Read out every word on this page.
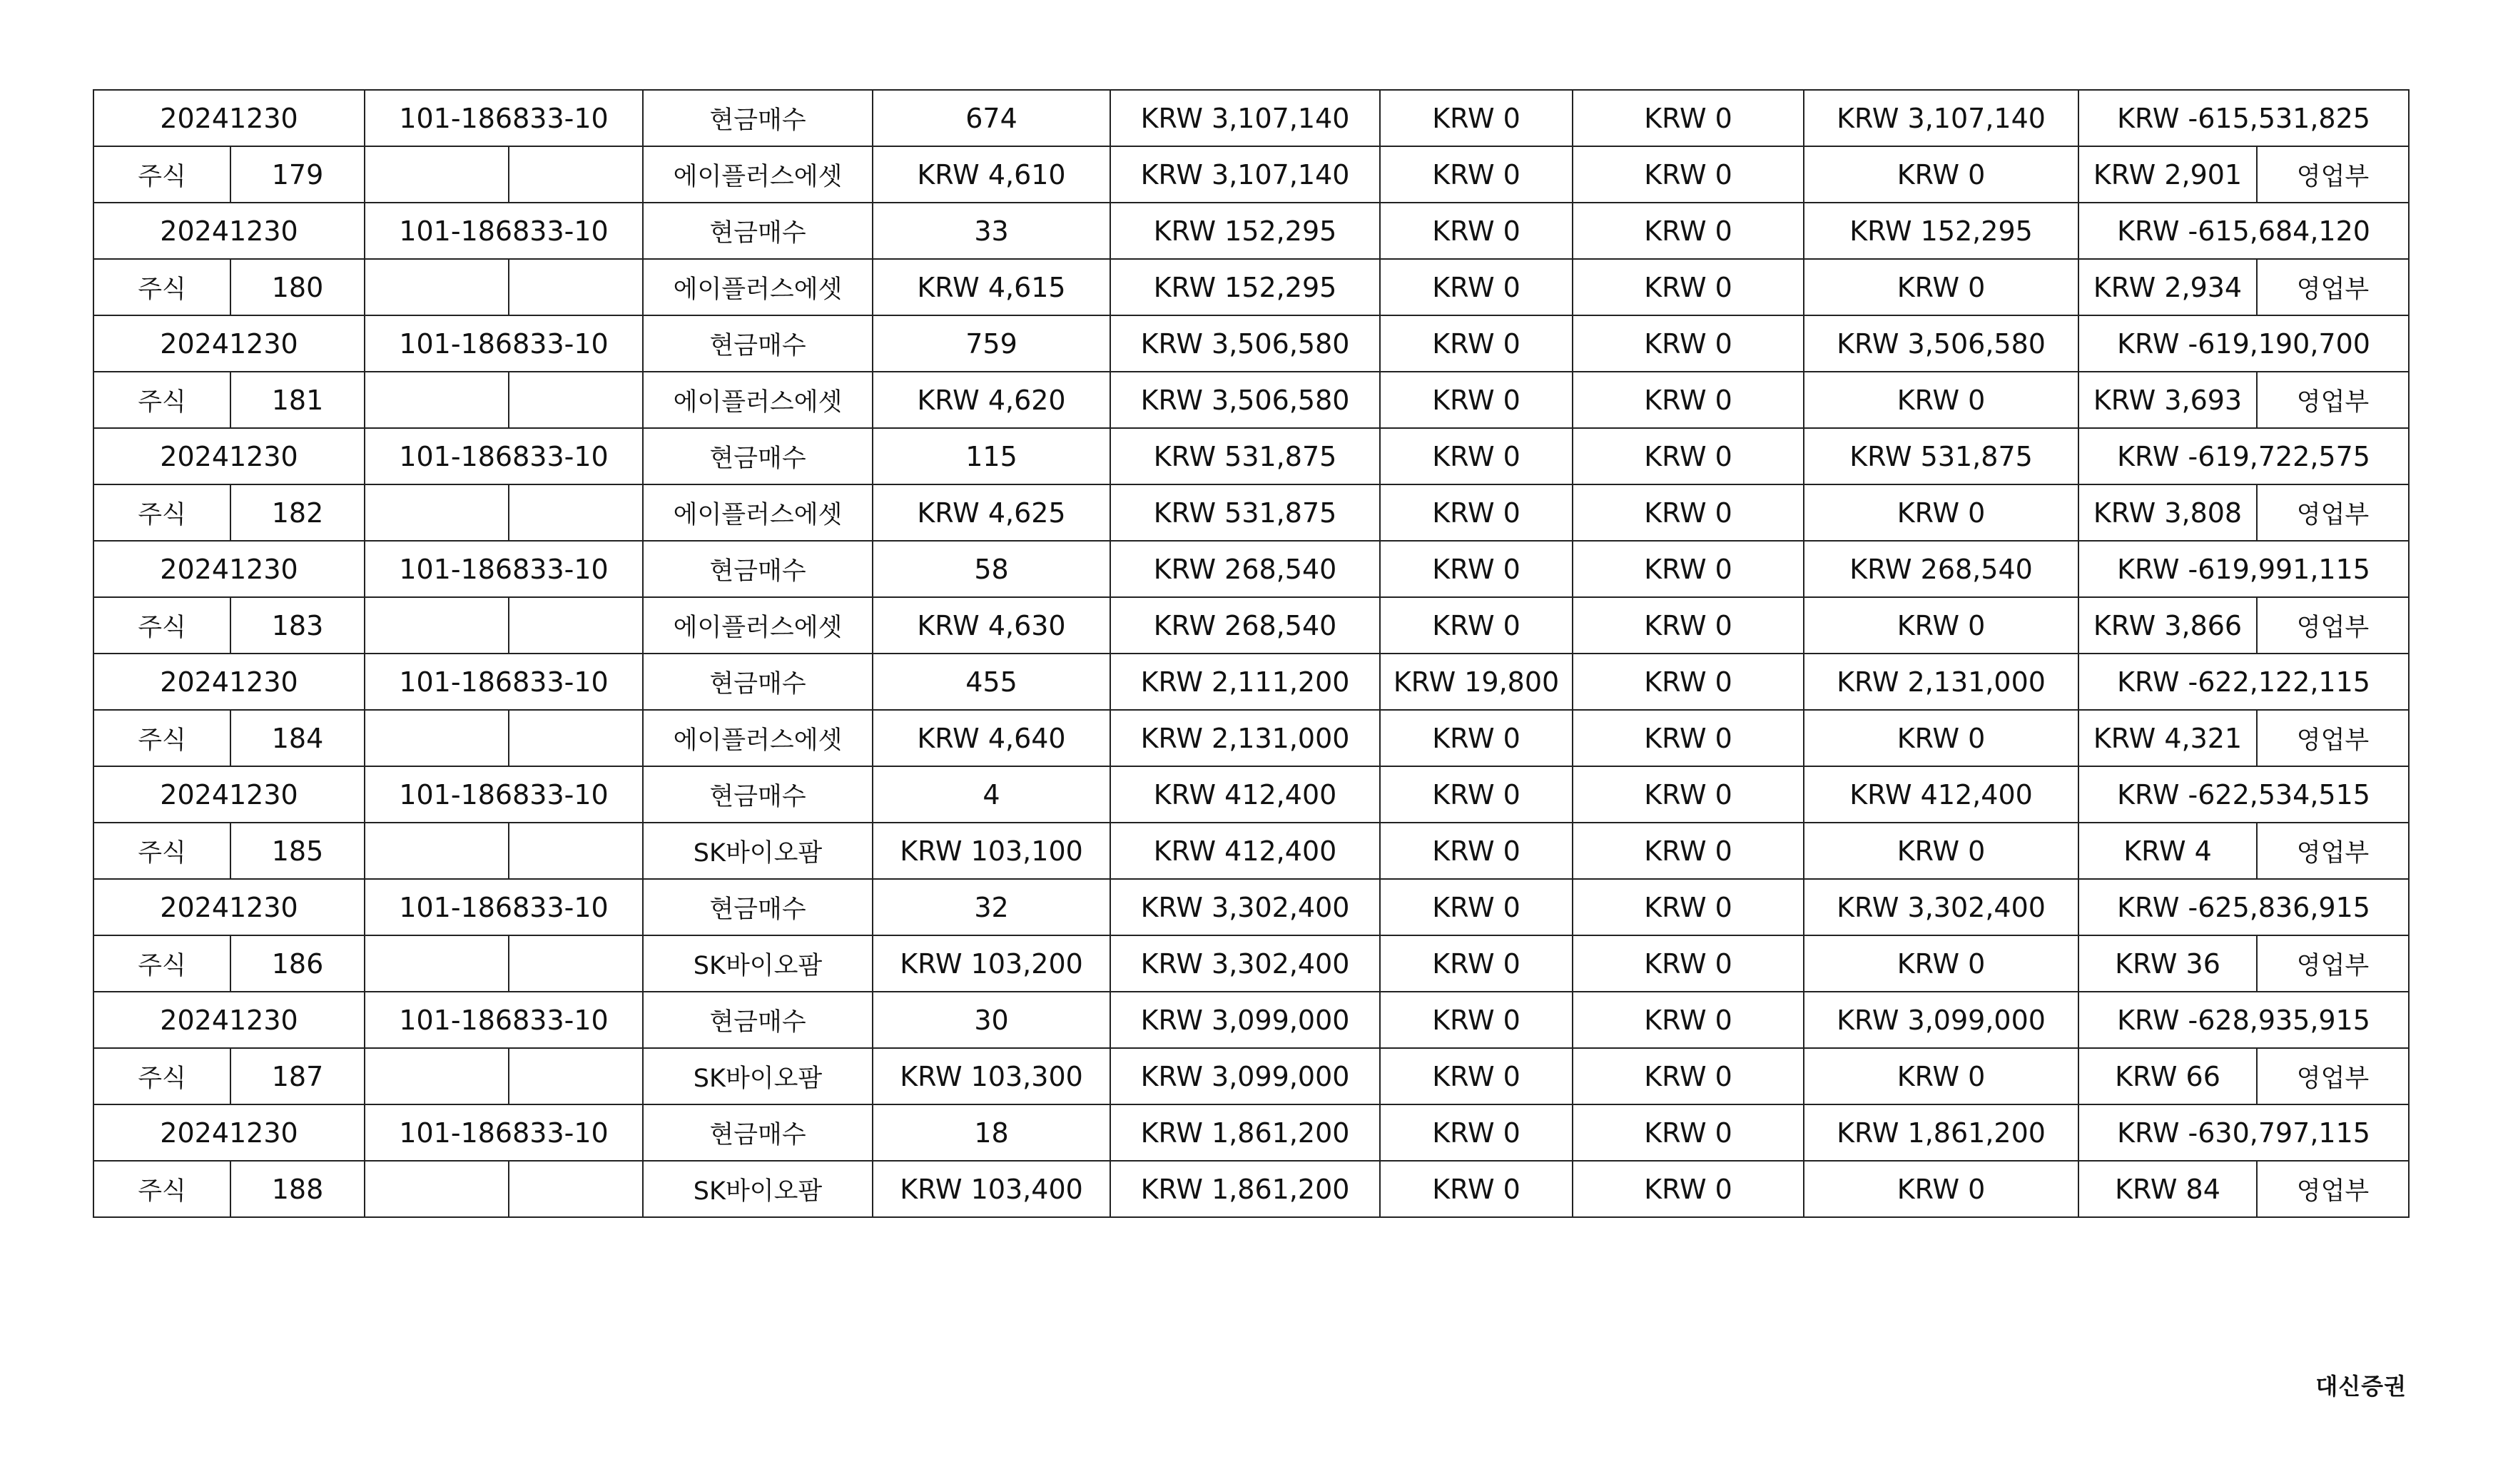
20241230		101-186833-10		현금매수	674	KRW 3,107,140	KRW 0	KRW 0	KRW 3,107,140	KRW -615,531,825	
주식	179			에이플러스에셋	KRW 4,610	KRW 3,107,140	KRW 0	KRW 0	KRW 0	KRW 2,901	영업부
20241230		101-186833-10		현금매수	33	KRW 152,295	KRW 0	KRW 0	KRW 152,295	KRW -615,684,120	
주식	180			에이플러스에셋	KRW 4,615	KRW 152,295	KRW 0	KRW 0	KRW 0	KRW 2,934	영업부
20241230		101-186833-10		현금매수	759	KRW 3,506,580	KRW 0	KRW 0	KRW 3,506,580	KRW -619,190,700	
주식	181			에이플러스에셋	KRW 4,620	KRW 3,506,580	KRW 0	KRW 0	KRW 0	KRW 3,693	영업부
20241230		101-186833-10		현금매수	115	KRW 531,875	KRW 0	KRW 0	KRW 531,875	KRW -619,722,575	
주식	182			에이플러스에셋	KRW 4,625	KRW 531,875	KRW 0	KRW 0	KRW 0	KRW 3,808	영업부
20241230		101-186833-10		현금매수	58	KRW 268,540	KRW 0	KRW 0	KRW 268,540	KRW -619,991,115	
주식	183			에이플러스에셋	KRW 4,630	KRW 268,540	KRW 0	KRW 0	KRW 0	KRW 3,866	영업부
20241230		101-186833-10		현금매수	455	KRW 2,111,200	KRW 19,800	KRW 0	KRW 2,131,000	KRW -622,122,115	
주식	184			에이플러스에셋	KRW 4,640	KRW 2,131,000	KRW 0	KRW 0	KRW 0	KRW 4,321	영업부
20241230		101-186833-10		현금매수	4	KRW 412,400	KRW 0	KRW 0	KRW 412,400	KRW -622,534,515	
주식	185			SK바이오팜	KRW 103,100	KRW 412,400	KRW 0	KRW 0	KRW 0	KRW 4	영업부
20241230		101-186833-10		현금매수	32	KRW 3,302,400	KRW 0	KRW 0	KRW 3,302,400	KRW -625,836,915	
주식	186			SK바이오팜	KRW 103,200	KRW 3,302,400	KRW 0	KRW 0	KRW 0	KRW 36	영업부
20241230		101-186833-10		현금매수	30	KRW 3,099,000	KRW 0	KRW 0	KRW 3,099,000	KRW -628,935,915	
주식	187			SK바이오팜	KRW 103,300	KRW 3,099,000	KRW 0	KRW 0	KRW 0	KRW 66	영업부
20241230		101-186833-10		현금매수	18	KRW 1,861,200	KRW 0	KRW 0	KRW 1,861,200	KRW -630,797,115	
주식	188			SK바이오팜	KRW 103,400	KRW 1,861,200	KRW 0	KRW 0	KRW 0	KRW 84	영업부
대신증권
